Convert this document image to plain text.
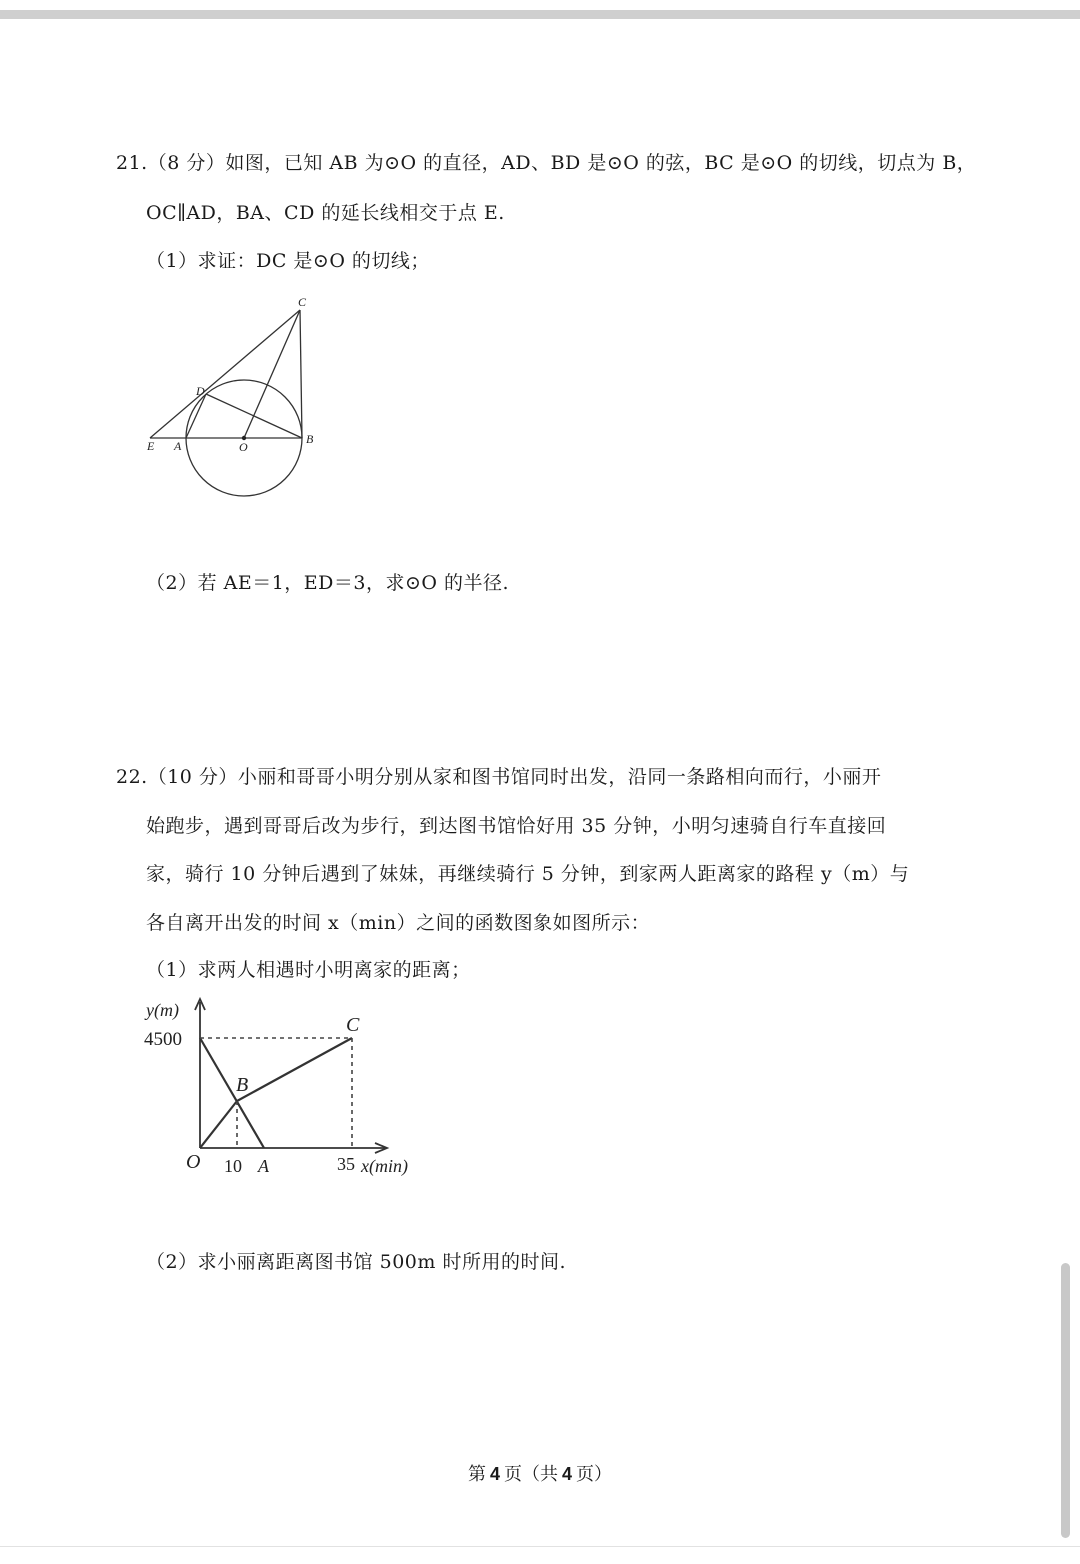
21.（8 分）如图，已知 AB 为⊙O 的直径，AD、BD 是⊙O 的弦，BC 是⊙O 的切线，切点为 B，
OC∥AD，BA、CD 的延长线相交于点 E.
（1）求证：DC 是⊙O 的切线；
C
D
E A	O
B
（2）若 AE＝1，ED＝3，求⊙O 的半径.
22.（10 分）小丽和哥哥小明分别从家和图书馆同时出发，沿同一条路相向而行，小丽开
始跑步，遇到哥哥后改为步行，到达图书馆恰好用 35 分钟，小明匀速骑自行车直接回
家，骑行 10 分钟后遇到了妹妹，再继续骑行 5 分钟，到家两人距离家的路程 y（m）与
各自离开出发的时间 x（min）之间的函数图象如图所示：
（1）求两人相遇时小明离家的距离；
y(m)
4500
C
B
O 10 A	35 x(min)
（2）求小丽离距离图书馆 500m 时所用的时间.
第 4 页（共 4 页）
